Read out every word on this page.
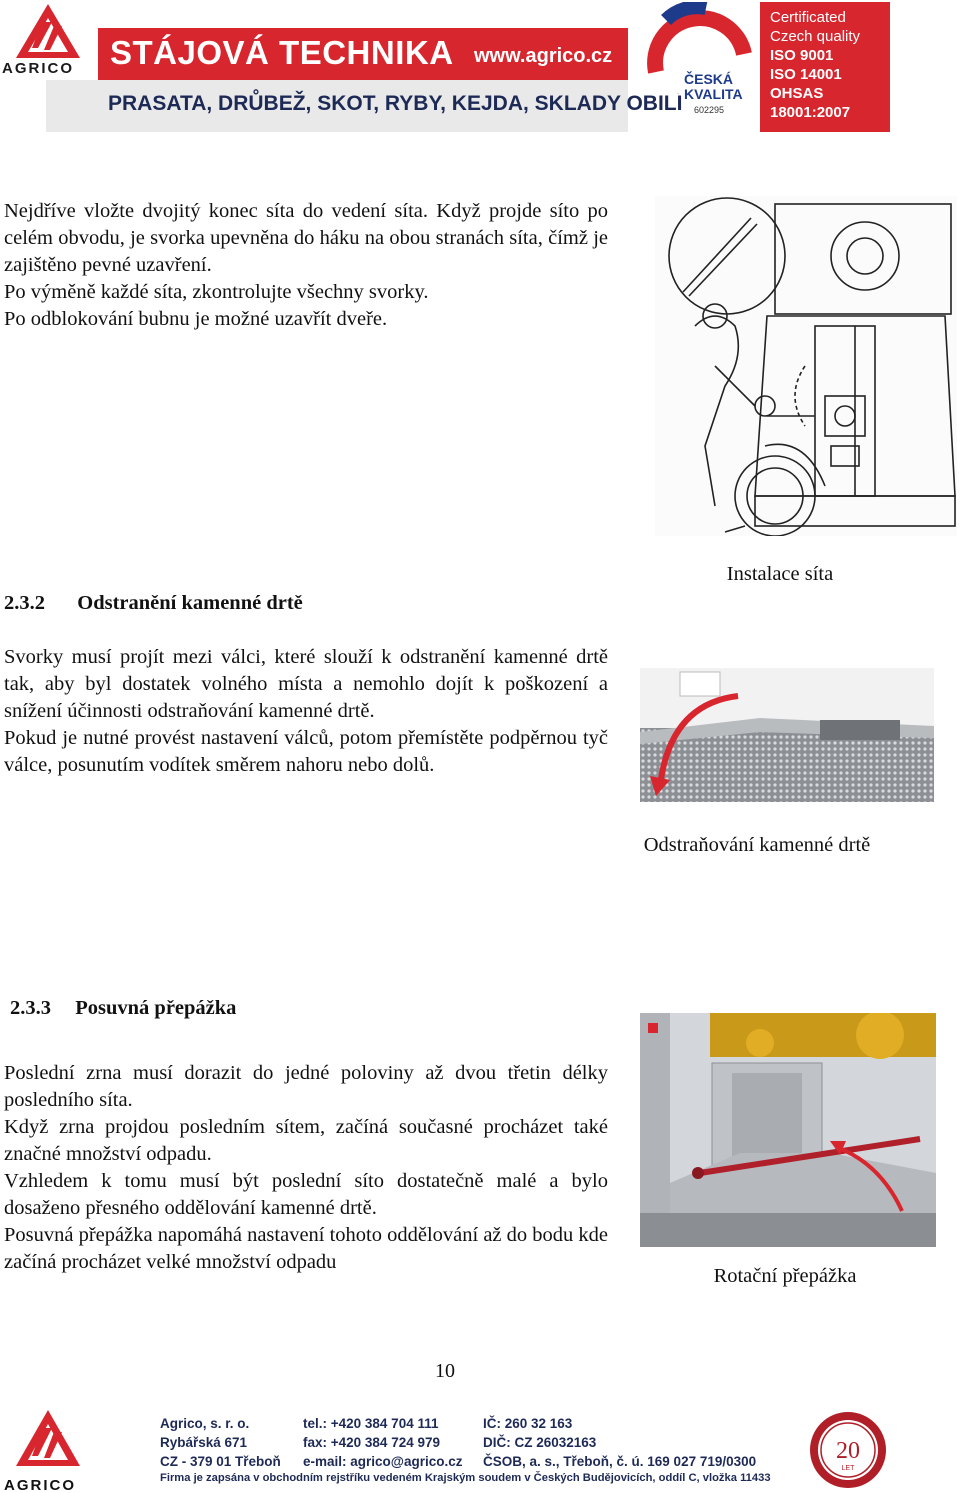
AGRICO STÁJOVÁ TECHNIKA www.agrico.cz
PRASATA, DRŮBEŽ, SKOT, RYBY, KEJDA, SKLADY OBILÍ
ČESKÁ
KVALITA
602295
Certificated
Czech quality
ISO 9001
ISO 14001
OHSAS
18001:2007

Nejdříve vložte dvojitý konec síta do vedení síta. Když projde síto po celém obvodu, je svorka upevněna do háku na obou stranách síta, čímž je zajištěno pevné uzavření.

Po výměně každé síta, zkontrolujte všechny svorky.

Po odblokování bubnu je možné uzavřít dveře.

Instalace síta
2.3.2 Odstranění kamenné drtě

Svorky musí projít mezi válci, které slouží k odstranění kamenné drtě tak, aby byl dostatek volného místa a nemohlo dojít k poškození a snížení účinnosti odstraňování kamenné drtě.

Pokud je nutné provést nastavení válců, potom přemístěte podpěrnou tyč válce, posunutím vodítek směrem nahoru nebo dolů.

Odstraňování kamenné drtě
2.3.3 Posuvná přepážka

Poslední zrna musí dorazit do jedné poloviny až dvou třetin délky posledního síta.

Když zrna projdou posledním sítem, začíná současné procházet také značné množství odpadu.

Vzhledem k tomu musí být poslední síto dostatečně malé a bylo dosaženo přesného oddělování kamenné drtě.

Posuvná přepážka napomáhá nastavení tohoto oddělování až do bodu kde začíná procházet velké množství odpadu

Rotační přepážka
10
AGRICO
Agrico, s. r. o.
Rybářská 671
CZ - 379 01 Třeboň
tel.: +420 384 704 111
fax: +420 384 724 979
e-mail: agrico@agrico.cz
IČ: 260 32 163
DIČ: CZ 26032163
ČSOB, a. s., Třeboň, č. ú. 169 027 719/0300
Firma je zapsána v obchodním rejstříku vedeném Krajským soudem v Českých Budějovicích, oddíl C, vložka 11433
20
LET
